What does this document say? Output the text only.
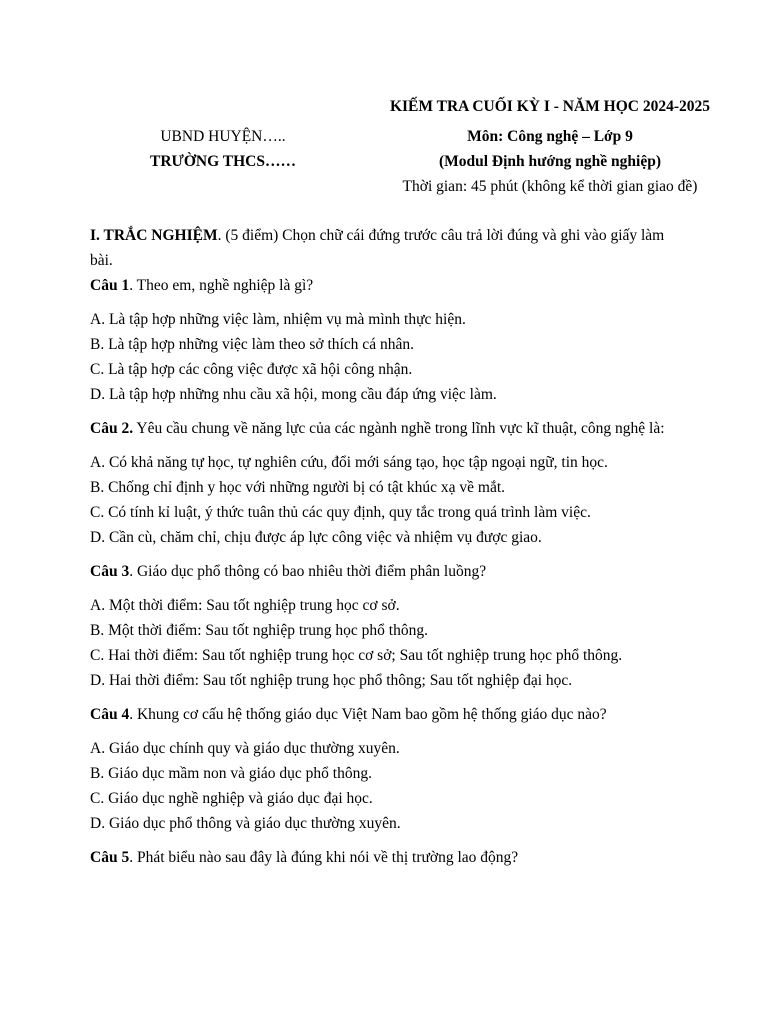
KIẾM TRA CUỐI KỲ I - NĂM HỌC 2024-2025
UBND HUYỆN…..
TRƯỜNG THCS……
Môn: Công nghệ – Lớp 9
(Modul Định hướng nghề nghiệp)
Thời gian: 45 phút (không kể thời gian giao đề)
I. TRẮC NGHIỆM. (5 điểm) Chọn chữ cái đứng trước câu trả lời đúng và ghi vào giấy làm bài.
Câu 1. Theo em, nghề nghiệp là gì?
A. Là tập hợp những việc làm, nhiệm vụ mà mình thực hiện.
B. Là tập hợp những việc làm theo sở thích cá nhân.
C. Là tập hợp các công việc được xã hội công nhận.
D. Là tập hợp những nhu cầu xã hội, mong cầu đáp ứng việc làm.
Câu 2. Yêu cầu chung về năng lực của các ngành nghề trong lĩnh vực kĩ thuật, công nghệ là:
A. Có khả năng tự học, tự nghiên cứu, đổi mới sáng tạo, học tập ngoại ngữ, tin học.
B. Chống chỉ định y học với những người bị có tật khúc xạ về mắt.
C. Có tính kỉ luật, ý thức tuân thủ các quy định, quy tắc trong quá trình làm việc.
D. Cần cù, chăm chỉ, chịu được áp lực công việc và nhiệm vụ được giao.
Câu 3. Giáo dục phổ thông có bao nhiêu thời điểm phân luồng?
A. Một thời điểm: Sau tốt nghiệp trung học cơ sở.
B. Một thời điểm: Sau tốt nghiệp trung học phổ thông.
C. Hai thời điểm: Sau tốt nghiệp trung học cơ sở; Sau tốt nghiệp trung học phổ thông.
D. Hai thời điểm: Sau tốt nghiệp trung học phổ thông; Sau tốt nghiệp đại học.
Câu 4. Khung cơ cấu hệ thống giáo dục Việt Nam bao gồm hệ thống giáo dục nào?
A. Giáo dục chính quy và giáo dục thường xuyên.
B. Giáo dục mầm non và giáo dục phổ thông.
C. Giáo dục nghề nghiệp và giáo dục đại học.
D. Giáo dục phổ thông và giáo dục thường xuyên.
Câu 5. Phát biểu nào sau đây là đúng khi nói về thị trường lao động?
